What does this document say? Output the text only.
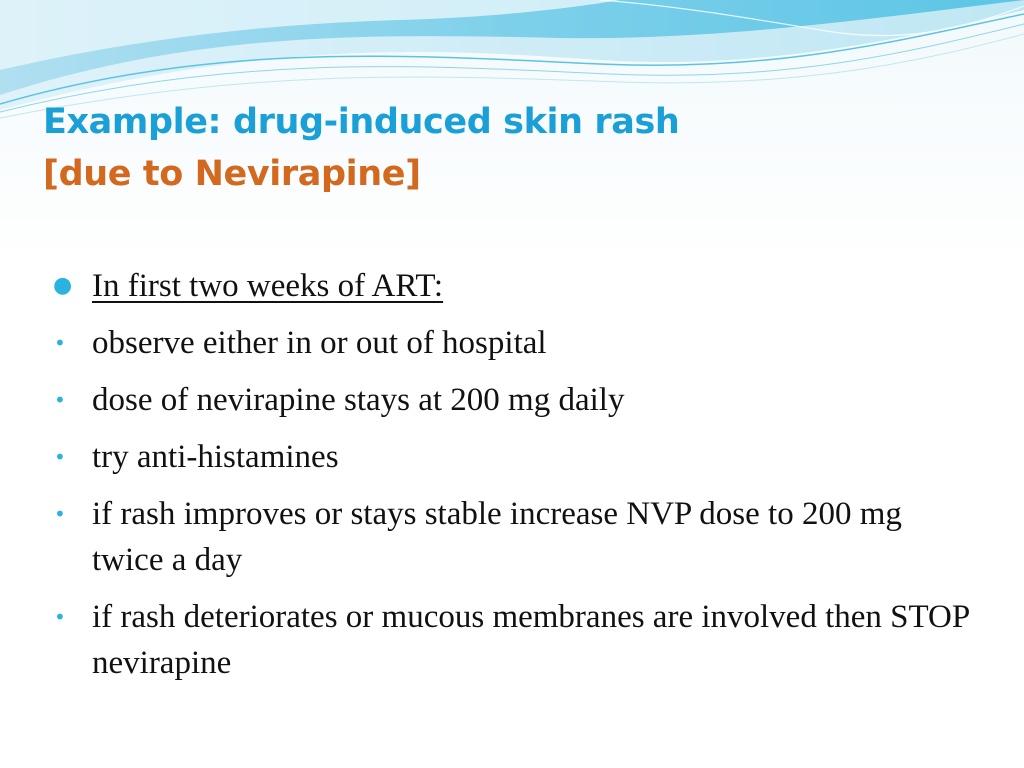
Example: drug-induced skin rash
[due to Nevirapine]
● In first two weeks of ART:
• observe either in or out of hospital
• dose of nevirapine stays at 200 mg daily
• try anti-histamines
• if rash improves or stays stable increase NVP dose to 200 mg twice a day
• if rash deteriorates or mucous membranes are involved then STOP nevirapine
